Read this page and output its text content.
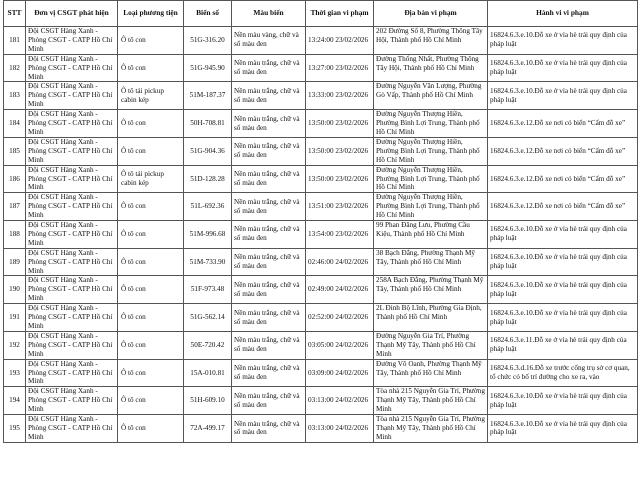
STT	Đơn vị CSGT phát hiện	Loại phương tiện	Biển số	Màu biển	Thời gian vi phạm	Địa bàn vi phạm	Hành vi vi phạm
181	Đội CSGT Hàng Xanh - Phòng CSGT - CATP Hồ Chí Minh	Ô tô con	51G-316.20	Nền màu vàng, chữ và số màu đen	13:24:00 23/02/2026	202 Đường Số 8, Phường Thông Tây Hội, Thành phố Hồ Chí Minh	16824.6.3.e.10.Đỗ xe ở vỉa hè trái quy định của pháp luật
182	Đội CSGT Hàng Xanh - Phòng CSGT - CATP Hồ Chí Minh	Ô tô con	51G-945.90	Nền màu trắng, chữ và số màu đen	13:27:00 23/02/2026	Đường Thống Nhất, Phường Thông Tây Hội, Thành phố Hồ Chí Minh	16824.6.3.e.10.Đỗ xe ở vỉa hè trái quy định của pháp luật
183	Đội CSGT Hàng Xanh - Phòng CSGT - CATP Hồ Chí Minh	Ô tô tải pickup cabin kép	51M-187.37	Nền màu trắng, chữ và số màu đen	13:33:00 23/02/2026	Đường Nguyễn Văn Lượng, Phường Gò Vấp, Thành phố Hồ Chí Minh	16824.6.3.e.10.Đỗ xe ở vỉa hè trái quy định của pháp luật
184	Đội CSGT Hàng Xanh - Phòng CSGT - CATP Hồ Chí Minh	Ô tô con	50H-708.81	Nền màu trắng, chữ và số màu đen	13:50:00 23/02/2026	Đường Nguyễn Thượng Hiền, Phường Bình Lợi Trung, Thành phố Hồ Chí Minh	16824.6.3.e.12.Đỗ xe nơi có biển “Cấm đỗ xe”
185	Đội CSGT Hàng Xanh - Phòng CSGT - CATP Hồ Chí Minh	Ô tô con	51G-904.36	Nền màu trắng, chữ và số màu đen	13:50:00 23/02/2026	Đường Nguyễn Thượng Hiền, Phường Bình Lợi Trung, Thành phố Hồ Chí Minh	16824.6.3.e.12.Đỗ xe nơi có biển “Cấm đỗ xe”
186	Đội CSGT Hàng Xanh - Phòng CSGT - CATP Hồ Chí Minh	Ô tô tải pickup cabin kép	51D-128.28	Nền màu trắng, chữ và số màu đen	13:50:00 23/02/2026	Đường Nguyễn Thượng Hiền, Phường Bình Lợi Trung, Thành phố Hồ Chí Minh	16824.6.3.e.12.Đỗ xe nơi có biển “Cấm đỗ xe”
187	Đội CSGT Hàng Xanh - Phòng CSGT - CATP Hồ Chí Minh	Ô tô con	51L-692.36	Nền màu trắng, chữ và số màu đen	13:51:00 23/02/2026	Đường Nguyễn Thượng Hiền, Phường Bình Lợi Trung, Thành phố Hồ Chí Minh	16824.6.3.e.12.Đỗ xe nơi có biển “Cấm đỗ xe”
188	Đội CSGT Hàng Xanh - Phòng CSGT - CATP Hồ Chí Minh	Ô tô con	51M-996.68	Nền màu trắng, chữ và số màu đen	13:54:00 23/02/2026	99 Phan Đăng Lưu, Phường Cầu Kiệu, Thành phố Hồ Chí Minh	16824.6.3.e.10.Đỗ xe ở vỉa hè trái quy định của pháp luật
189	Đội CSGT Hàng Xanh - Phòng CSGT - CATP Hồ Chí Minh	Ô tô con	51M-733.90	Nền màu trắng, chữ và số màu đen	02:46:00 24/02/2026	38 Bạch Đằng, Phường Thạnh Mỹ Tây, Thành phố Hồ Chí Minh	16824.6.3.e.10.Đỗ xe ở vỉa hè trái quy định của pháp luật
190	Đội CSGT Hàng Xanh - Phòng CSGT - CATP Hồ Chí Minh	Ô tô con	51F-973.48	Nền màu trắng, chữ và số màu đen	02:49:00 24/02/2026	258A Bạch Đằng, Phường Thạnh Mỹ Tây, Thành phố Hồ Chí Minh	16824.6.3.e.10.Đỗ xe ở vỉa hè trái quy định của pháp luật
191	Đội CSGT Hàng Xanh - Phòng CSGT - CATP Hồ Chí Minh	Ô tô con	51G-562.14	Nền màu trắng, chữ và số màu đen	02:52:00 24/02/2026	2L Đinh Bộ Lĩnh, Phường Gia Định, Thành phố Hồ Chí Minh	16824.6.3.e.10.Đỗ xe ở vỉa hè trái quy định của pháp luật
192	Đội CSGT Hàng Xanh - Phòng CSGT - CATP Hồ Chí Minh	Ô tô con	50E-720.42	Nền màu trắng, chữ và số màu đen	03:05:00 24/02/2026	Đường Nguyễn Gia Trí, Phường Thạnh Mỹ Tây, Thành phố Hồ Chí Minh	16824.6.3.e.11.Đỗ xe ở vỉa hè trái quy định của pháp luật
193	Đội CSGT Hàng Xanh - Phòng CSGT - CATP Hồ Chí Minh	Ô tô con	15A-010.81	Nền màu trắng, chữ và số màu đen	03:09:00 24/02/2026	Đường Võ Oanh, Phường Thạnh Mỹ Tây, Thành phố Hồ Chí Minh	16824.6.3.d.16.Đỗ xe trước cổng trụ sở cơ quan, tổ chức có bố trí đường cho xe ra, vào
194	Đội CSGT Hàng Xanh - Phòng CSGT - CATP Hồ Chí Minh	Ô tô con	51H-609.10	Nền màu trắng, chữ và số màu đen	03:13:00 24/02/2026	Tòa nhà 215 Nguyễn Gia Trí, Phường Thạnh Mỹ Tây, Thành phố Hồ Chí Minh	16824.6.3.e.10.Đỗ xe ở vỉa hè trái quy định của pháp luật
195	Đội CSGT Hàng Xanh - Phòng CSGT - CATP Hồ Chí Minh	Ô tô con	72A-499.17	Nền màu trắng, chữ và số màu đen	03:13:00 24/02/2026	Tòa nhà 215 Nguyễn Gia Trí, Phường Thạnh Mỹ Tây, Thành phố Hồ Chí Minh	16824.6.3.e.10.Đỗ xe ở vỉa hè trái quy định của pháp luật
